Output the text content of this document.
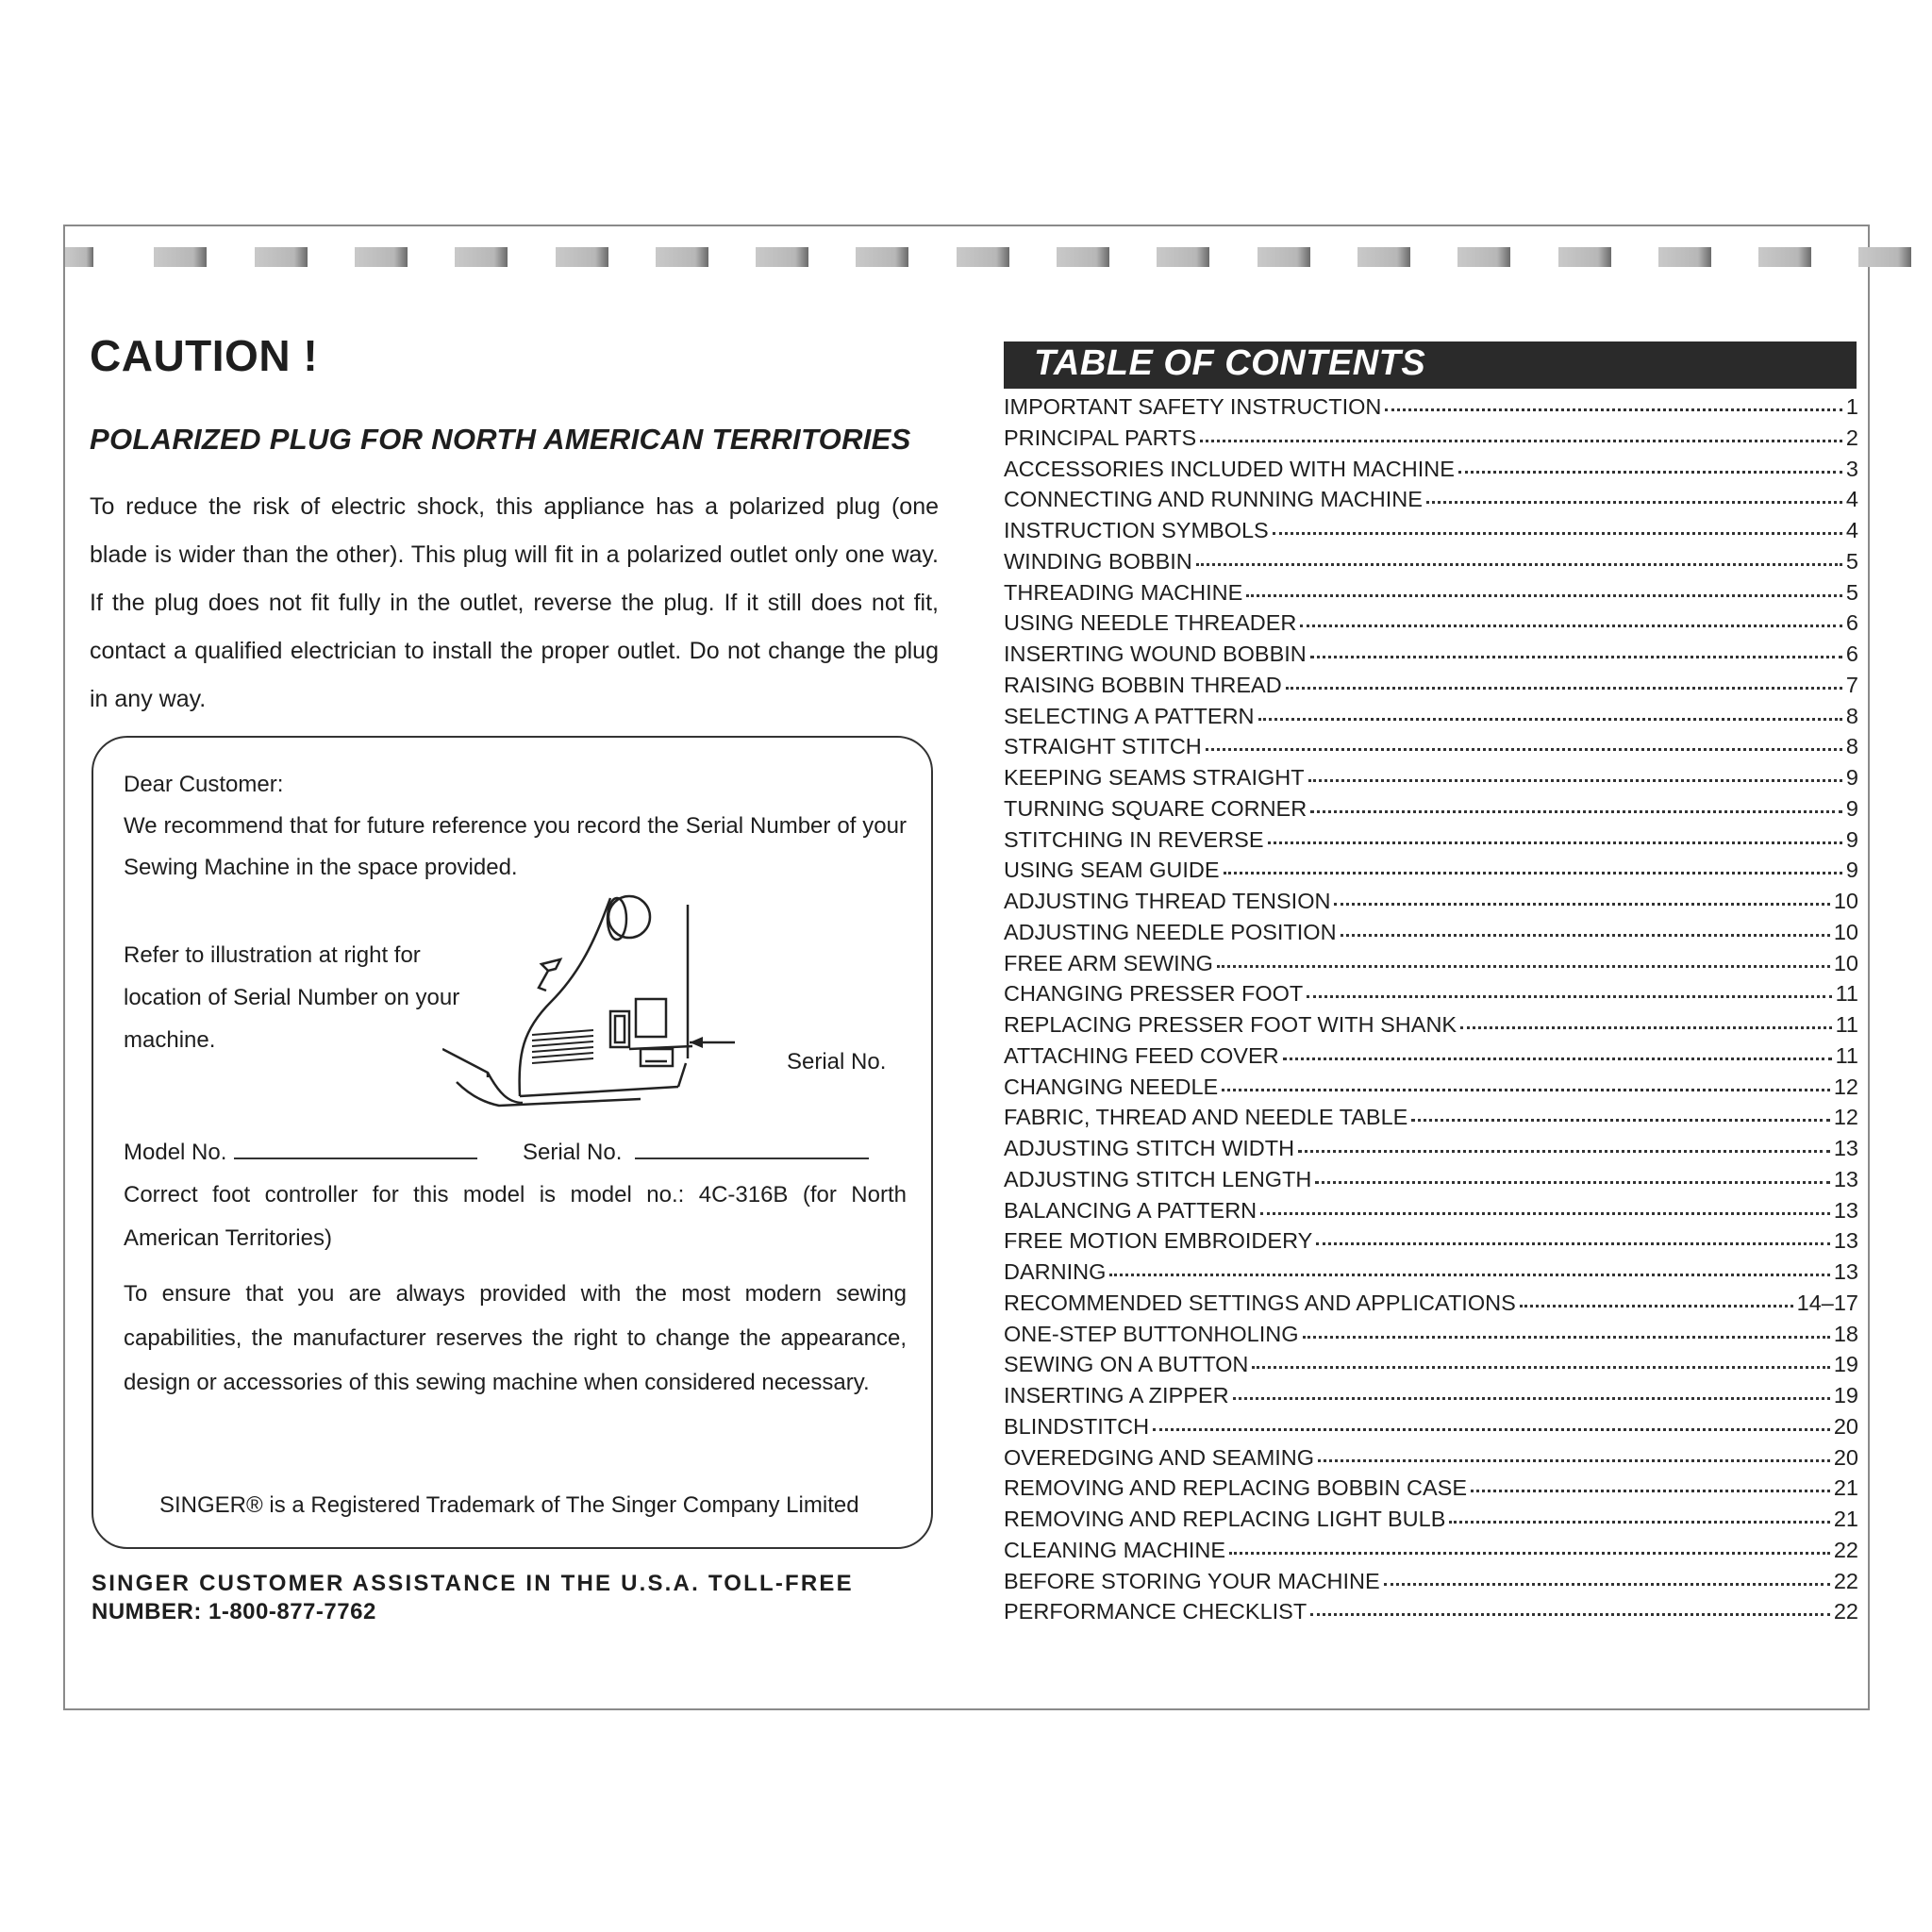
CAUTION !
POLARIZED PLUG FOR NORTH AMERICAN TERRITORIES

To reduce the risk of electric shock, this appliance has a polarized plug (one blade is wider than the other). This plug will fit in a polarized outlet only one way. If the plug does not fit fully in the outlet, reverse the plug. If it still does not fit, contact a qualified electrician to install the proper outlet. Do not change the plug in any way.

Dear Customer:

We recommend that for future reference you record the Serial Number of your Sewing Machine in the space provided.

Refer to illustration at right for location of Serial Number on your machine.

Serial No.
Model No.	Serial No.

Correct foot controller for this model is model no.: 4C-316B (for North American Territories)

To ensure that you are always provided with the most modern sewing capabilities, the manufacturer reserves the right to change the appearance, design or accessories of this sewing machine when considered necessary.

SINGER® is a Registered Trademark of The Singer Company Limited

SINGER CUSTOMER ASSISTANCE IN THE U.S.A. TOLL-FREE
NUMBER: 1-800-877-7762

TABLE OF CONTENTS
IMPORTANT SAFETY INSTRUCTION	1
PRINCIPAL PARTS	2
ACCESSORIES INCLUDED WITH MACHINE	3
CONNECTING AND RUNNING MACHINE	4
INSTRUCTION SYMBOLS	4
WINDING BOBBIN	5
THREADING MACHINE	5
USING NEEDLE THREADER	6
INSERTING WOUND BOBBIN	6
RAISING BOBBIN THREAD	7
SELECTING A PATTERN	8
STRAIGHT STITCH	8
KEEPING SEAMS STRAIGHT	9
TURNING SQUARE CORNER	9
STITCHING IN REVERSE	9
USING SEAM GUIDE	9
ADJUSTING THREAD TENSION	10
ADJUSTING NEEDLE POSITION	10
FREE ARM SEWING	10
CHANGING PRESSER FOOT	11
REPLACING PRESSER FOOT WITH SHANK	11
ATTACHING FEED COVER	11
CHANGING NEEDLE	12
FABRIC, THREAD AND NEEDLE TABLE	12
ADJUSTING STITCH WIDTH	13
ADJUSTING STITCH LENGTH	13
BALANCING A PATTERN	13
FREE MOTION EMBROIDERY	13
DARNING	13
RECOMMENDED SETTINGS AND APPLICATIONS	14–17
ONE-STEP BUTTONHOLING	18
SEWING ON A BUTTON	19
INSERTING A ZIPPER	19
BLINDSTITCH	20
OVEREDGING AND SEAMING	20
REMOVING AND REPLACING BOBBIN CASE	21
REMOVING AND REPLACING LIGHT BULB	21
CLEANING MACHINE	22
BEFORE STORING YOUR MACHINE	22
PERFORMANCE CHECKLIST	22
